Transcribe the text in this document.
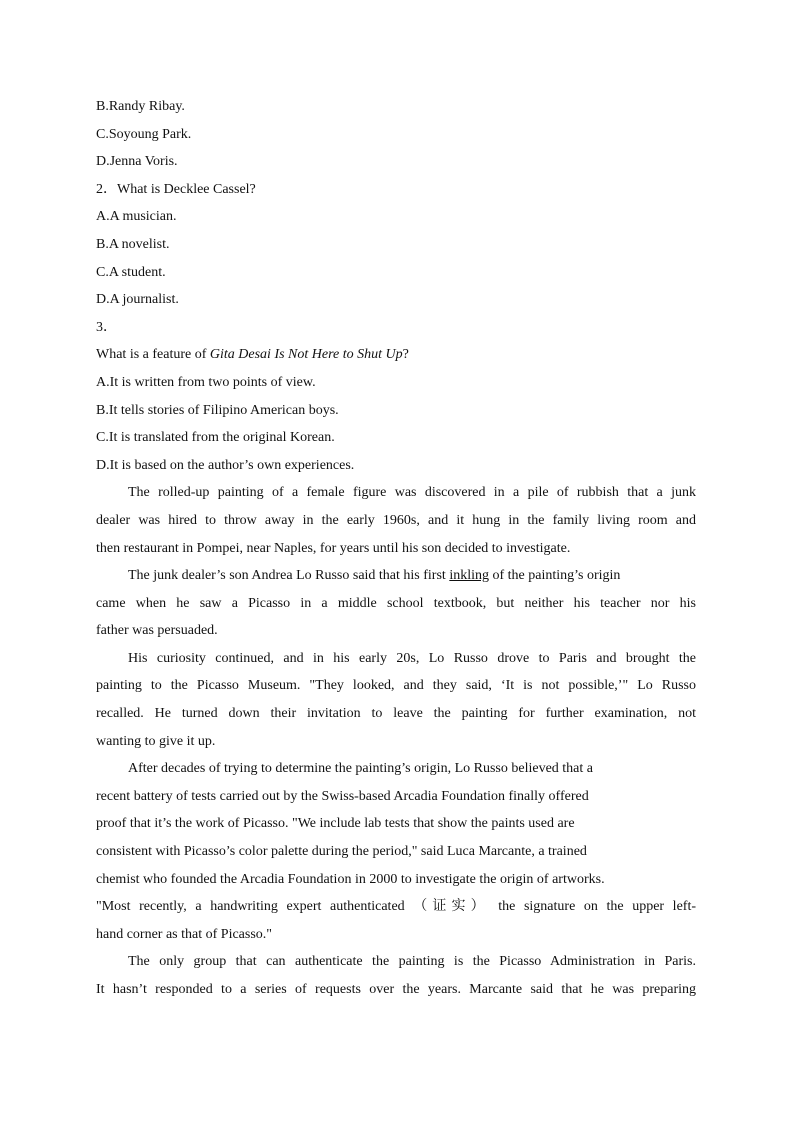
B.Randy Ribay.
C.Soyoung Park.
D.Jenna Voris.
2．What is Decklee Cassel?
A.A musician.
B.A novelist.
C.A student.
D.A journalist.
3．
What is a feature of Gita Desai Is Not Here to Shut Up?
A.It is written from two points of view.
B.It tells stories of Filipino American boys.
C.It is translated from the original Korean.
D.It is based on the author’s own experiences.
The rolled-up painting of a female figure was discovered in a pile of rubbish that a junk
dealer was hired to throw away in the early 1960s, and it hung in the family living room and
then restaurant in Pompei, near Naples, for years until his son decided to investigate.
The junk dealer’s son Andrea Lo Russo said that his first inkling of the painting’s origin
came when he saw a Picasso in a middle school textbook, but neither his teacher nor his
father was persuaded.
His curiosity continued, and in his early 20s, Lo Russo drove to Paris and brought the
painting to the Picasso Museum. "They looked, and they said, ‘It is not possible,’" Lo Russo
recalled. He turned down their invitation to leave the painting for further examination, not
wanting to give it up.
After decades of trying to determine the painting’s origin, Lo Russo believed that a
recent battery of tests carried out by the Swiss-based Arcadia Foundation finally offered
proof that it’s the work of Picasso. "We include lab tests that show the paints used are
consistent with Picasso’s color palette during the period," said Luca Marcante, a trained
chemist who founded the Arcadia Foundation in 2000 to investigate the origin of artworks.
"Most recently, a handwriting expert authenticated （证实） the signature on the upper left-
hand corner as that of Picasso."
The only group that can authenticate the painting is the Picasso Administration in Paris.
It hasn’t responded to a series of requests over the years. Marcante said that he was preparing
